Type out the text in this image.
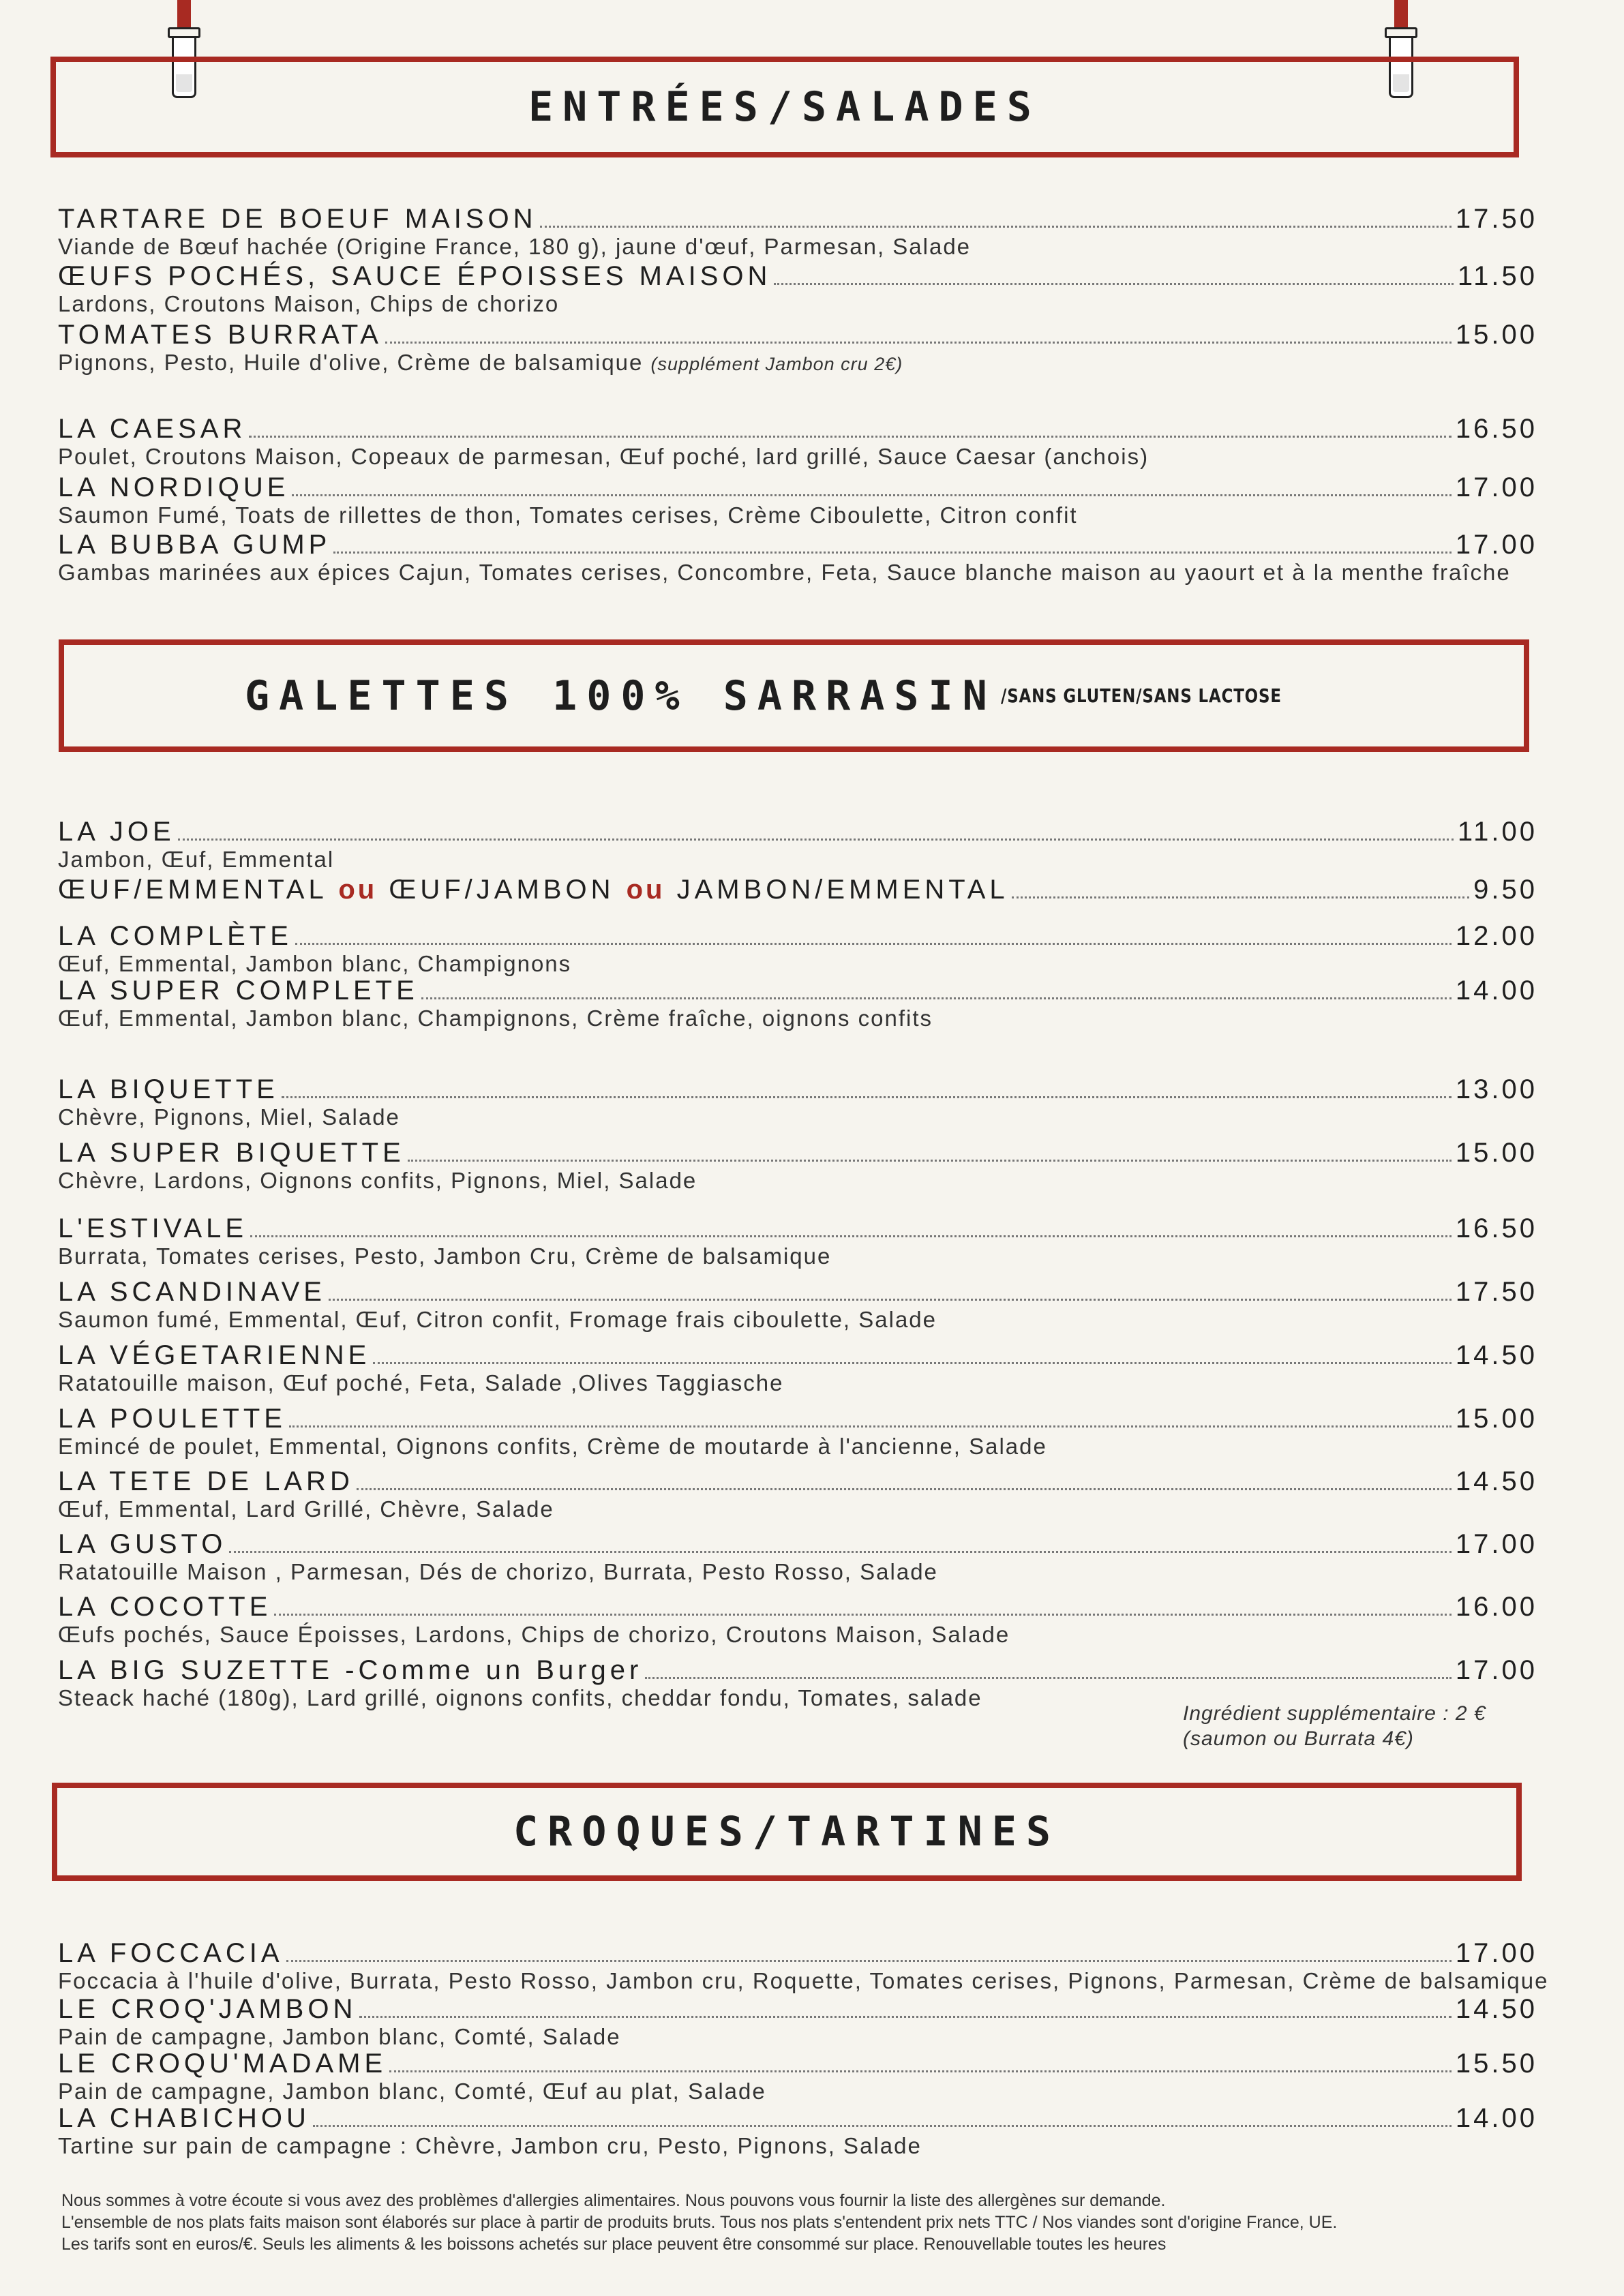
ENTRÉES/SALADES
GALETTES 100% SARRASIN /SANS GLUTEN/SANS LACTOSE
CROQUES/TARTINES
TARTARE DE BOEUF MAISON	17.50
Viande de Bœuf hachée (Origine France, 180 g), jaune d'œuf, Parmesan, Salade
ŒUFS POCHÉS, SAUCE ÉPOISSES MAISON	11.50
Lardons, Croutons Maison, Chips de chorizo
TOMATES BURRATA	15.00
Pignons, Pesto, Huile d'olive, Crème de balsamique (supplément Jambon cru 2€)
LA CAESAR	16.50
Poulet, Croutons Maison, Copeaux de parmesan, Œuf poché, lard grillé, Sauce Caesar (anchois)
LA NORDIQUE	17.00
Saumon Fumé, Toats de rillettes de thon, Tomates cerises, Crème Ciboulette, Citron confit
LA BUBBA GUMP	17.00
Gambas marinées aux épices Cajun, Tomates cerises, Concombre, Feta, Sauce blanche maison au yaourt et à la menthe fraîche
LA JOE	11.00
Jambon, Œuf, Emmental
ŒUF/EMMENTAL ou ŒUF/JAMBON ou JAMBON/EMMENTAL	9.50
LA COMPLÈTE	12.00
Œuf, Emmental, Jambon blanc, Champignons
LA SUPER COMPLETE	14.00
Œuf, Emmental, Jambon blanc, Champignons, Crème fraîche, oignons confits
LA BIQUETTE	13.00
Chèvre, Pignons, Miel, Salade
LA SUPER BIQUETTE	15.00
Chèvre, Lardons, Oignons confits, Pignons, Miel, Salade
L'ESTIVALE	16.50
Burrata, Tomates cerises, Pesto, Jambon Cru, Crème de balsamique
LA SCANDINAVE	17.50
Saumon fumé, Emmental, Œuf, Citron confit, Fromage frais ciboulette, Salade
LA VÉGETARIENNE	14.50
Ratatouille maison, Œuf poché, Feta, Salade ,Olives Taggiasche
LA POULETTE	15.00
Emincé de poulet, Emmental, Oignons confits, Crème de moutarde à l'ancienne, Salade
LA TETE DE LARD	14.50
Œuf, Emmental, Lard Grillé, Chèvre, Salade
LA GUSTO	17.00
Ratatouille Maison , Parmesan, Dés de chorizo, Burrata, Pesto Rosso, Salade
LA COCOTTE	16.00
Œufs pochés, Sauce Époisses, Lardons, Chips de chorizo, Croutons Maison, Salade
LA BIG SUZETTE -Comme un Burger	17.00
Steack haché (180g), Lard grillé, oignons confits, cheddar fondu, Tomates, salade
LA FOCCACIA	17.00
Foccacia à l'huile d'olive, Burrata, Pesto Rosso, Jambon cru, Roquette, Tomates cerises, Pignons, Parmesan, Crème de balsamique
LE CROQ'JAMBON	14.50
Pain de campagne, Jambon blanc, Comté, Salade
LE CROQU'MADAME	15.50
Pain de campagne, Jambon blanc, Comté, Œuf au plat, Salade
LA CHABICHOU	14.00
Tartine sur pain de campagne : Chèvre, Jambon cru, Pesto, Pignons, Salade
Ingrédient supplémentaire : 2 €
(saumon ou Burrata 4€)
Nous sommes à votre écoute si vous avez des problèmes d'allergies alimentaires. Nous pouvons vous fournir la liste des allergènes sur demande.
L'ensemble de nos plats faits maison sont élaborés sur place à partir de produits bruts. Tous nos plats s'entendent prix nets TTC / Nos viandes sont d'origine France, UE.
Les tarifs sont en euros/€. Seuls les aliments & les boissons achetés sur place peuvent être consommé sur place. Renouvellable toutes les heures
